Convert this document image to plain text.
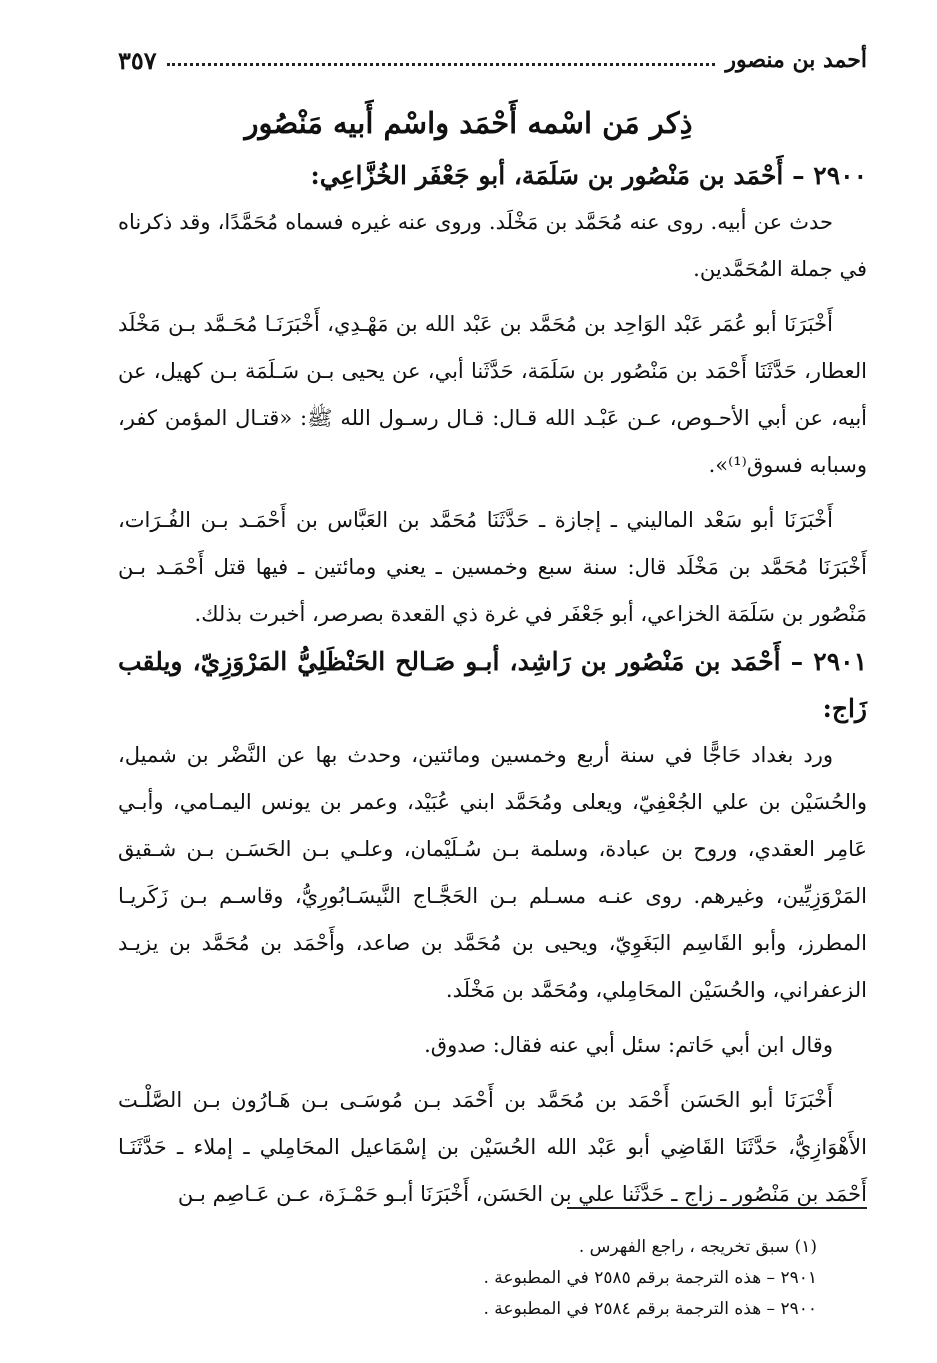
أحمد بن منصور
٣٥٧
ذِكر مَن اسْمه أَحْمَد واسْم أَبيه مَنْصُور

٢٩٠٠ – أَحْمَد بن مَنْصُور بن سَلَمَة، أبو جَعْفَر الخُزَّاعِي:

حدث عن أبيه. روى عنه مُحَمَّد بن مَخْلَد. وروى عنه غيره فسماه مُحَمَّدًا، وقد ذكرناه في جملة المُحَمَّدين.

أَخْبَرَنَا أبو عُمَر عَبْد الوَاحِد بن مُحَمَّد بن عَبْد الله بن مَهْـدِي، أَخْبَرَنَـا مُحَـمَّد بـن مَخْلَد العطار، حَدَّثَنَا أَحْمَد بن مَنْصُور بن سَلَمَة، حَدَّثَنا أبي، عن يحيى بـن سَـلَمَة بـن كهيل، عن أبيه، عن أبي الأحـوص، عـن عَبْـد الله قـال: قـال رسـول الله ﷺ: «قتـال المؤمن كفر، وسبابه فسوق⁽¹⁾».

أَخْبَرَنَا أبو سَعْد الماليني ـ إجازة ـ حَدَّثَنَا مُحَمَّد بن العَبَّاس بن أَحْمَـد بـن الفُـرَات، أَخْبَرَنَا مُحَمَّد بن مَخْلَد قال: سنة سبع وخمسين ـ يعني ومائتين ـ فيها قتل أَحْمَـد بـن مَنْصُور بن سَلَمَة الخزاعي، أبو جَعْفَر في غرة ذي القعدة بصرصر، أخبرت بذلك.

٢٩٠١ – أَحْمَد بن مَنْصُور بن رَاشِد، أبـو صَـالح الحَنْظَلِيُّ المَرْوَزِيّ، ويلقب زَاج:

ورد بغداد حَاجًّا في سنة أربع وخمسين ومائتين، وحدث بها عن النَّضْر بن شميل، والحُسَيْن بن علي الجُعْفِيّ، ويعلى ومُحَمَّد ابني عُبَيْد، وعمر بن يونس اليمـامي، وأبـي عَامِر العقدي، وروح بن عبادة، وسلمة بـن سُـلَيْمان، وعلـي بـن الحَسَـن بـن شـقيق المَرْوَزِيِّين، وغيرهم. روى عنـه مسـلم بـن الحَجَّـاج النَّيسَـابُورِيُّ، وقاسـم بـن زَكَريـا المطرز، وأبو القَاسِم البَغَوِيّ، ويحيى بن مُحَمَّد بن صاعد، وأَحْمَد بن مُحَمَّد بن يزيـد الزعفراني، والحُسَيْن المحَامِلي، ومُحَمَّد بن مَخْلَد.

وقال ابن أبي حَاتم: سئل أبي عنه فقال: صدوق.

أَخْبَرَنَا أبو الحَسَن أَحْمَد بن مُحَمَّد بن أَحْمَد بـن مُوسَـى بـن هَـارُون بـن الصَّلْـت الأَهْوَازِيُّ، حَدَّثَنَا القَاضِي أبو عَبْد الله الحُسَيْن بن إسْمَاعيل المحَامِلي ـ إملاء ـ حَدَّثَنَـا أَحْمَد بن مَنْصُور ـ زاج ـ حَدَّثَنا علي بن الحَسَن، أَخْبَرَنَا أبـو حَمْـزَة، عـن عَـاصِم بـن

(١) سبق تخريجه ، راجع الفهرس .
٢٩٠١ – هذه الترجمة برقم ٢٥٨٥ في المطبوعة .
٢٩٠٠ – هذه الترجمة برقم ٢٥٨٤ في المطبوعة .
